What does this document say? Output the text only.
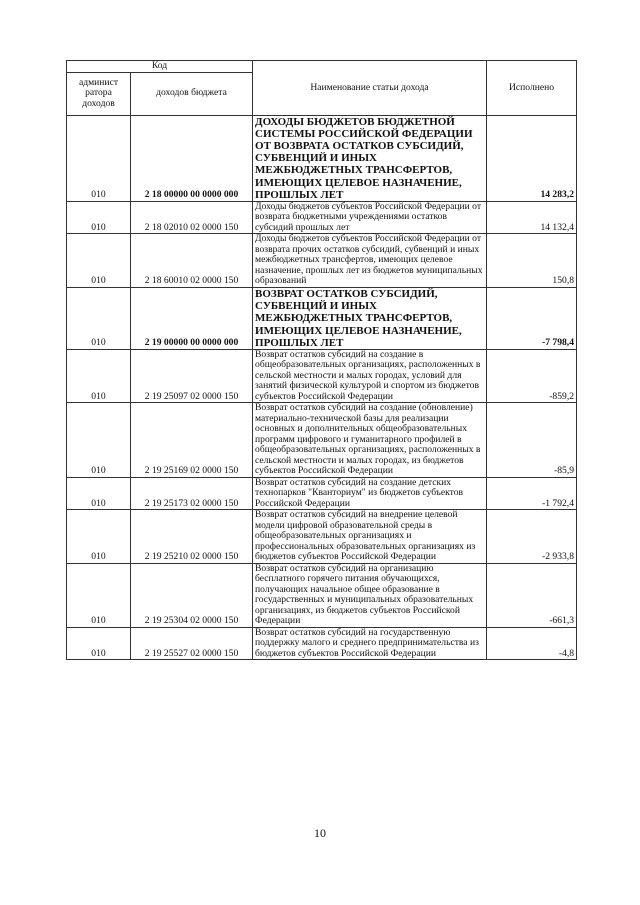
Код		Наименование статьи дохода	Исполнено
админист ратора доходов	доходов бюджета		
010	2 18 00000 00 0000 000	ДОХОДЫ БЮДЖЕТОВ БЮДЖЕТНОЙ СИСТЕМЫ РОССИЙСКОЙ ФЕДЕРАЦИИ ОТ ВОЗВРАТА ОСТАТКОВ СУБСИДИЙ, СУБВЕНЦИЙ И ИНЫХ МЕЖБЮДЖЕТНЫХ ТРАНСФЕРТОВ, ИМЕЮЩИХ ЦЕЛЕВОЕ НАЗНАЧЕНИЕ, ПРОШЛЫХ ЛЕТ	14 283,2
010	2 18 02010 02 0000 150	Доходы бюджетов субъектов Российской Федерации от возврата бюджетными учреждениями остатков субсидий прошлых лет	14 132,4
010	2 18 60010 02 0000 150	Доходы бюджетов субъектов Российской Федерации от возврата прочих остатков субсидий, субвенций и иных межбюджетных трансфертов, имеющих целевое назначение, прошлых лет из бюджетов муниципальных образований	150,8
010	2 19 00000 00 0000 000	ВОЗВРАТ ОСТАТКОВ СУБСИДИЙ, СУБВЕНЦИЙ И ИНЫХ МЕЖБЮДЖЕТНЫХ ТРАНСФЕРТОВ, ИМЕЮЩИХ ЦЕЛЕВОЕ НАЗНАЧЕНИЕ, ПРОШЛЫХ ЛЕТ	-7 798,4
010	2 19 25097 02 0000 150	Возврат остатков субсидий на создание в общеобразовательных организациях, расположенных в сельской местности и малых городах, условий для занятий физической культурой и спортом из бюджетов субъектов Российской Федерации	-859,2
010	2 19 25169 02 0000 150	Возврат остатков субсидий на создание (обновление) материально-технической базы для реализации основных и дополнительных общеобразовательных программ цифрового и гуманитарного профилей в общеобразовательных организациях, расположенных в сельской местности и малых городах, из бюджетов субъектов Российской Федерации	-85,9
010	2 19 25173 02 0000 150	Возврат остатков субсидий на создание детских технопарков "Кванториум" из бюджетов субъектов Российской Федерации	-1 792,4
010	2 19 25210 02 0000 150	Возврат остатков субсидий на внедрение целевой модели цифровой образовательной среды в общеобразовательных организациях и профессиональных образовательных организациях из бюджетов субъектов Российской Федерации	-2 933,8
010	2 19 25304 02 0000 150	Возврат остатков субсидий на организацию бесплатного горячего питания обучающихся, получающих начальное общее образование в государственных и муниципальных образовательных организациях, из бюджетов субъектов Российской Федерации	-661,3
010	2 19 25527 02 0000 150	Возврат остатков субсидий на государственную поддержку малого и среднего предпринимательства из бюджетов субъектов Российской Федерации	-4,8
10
